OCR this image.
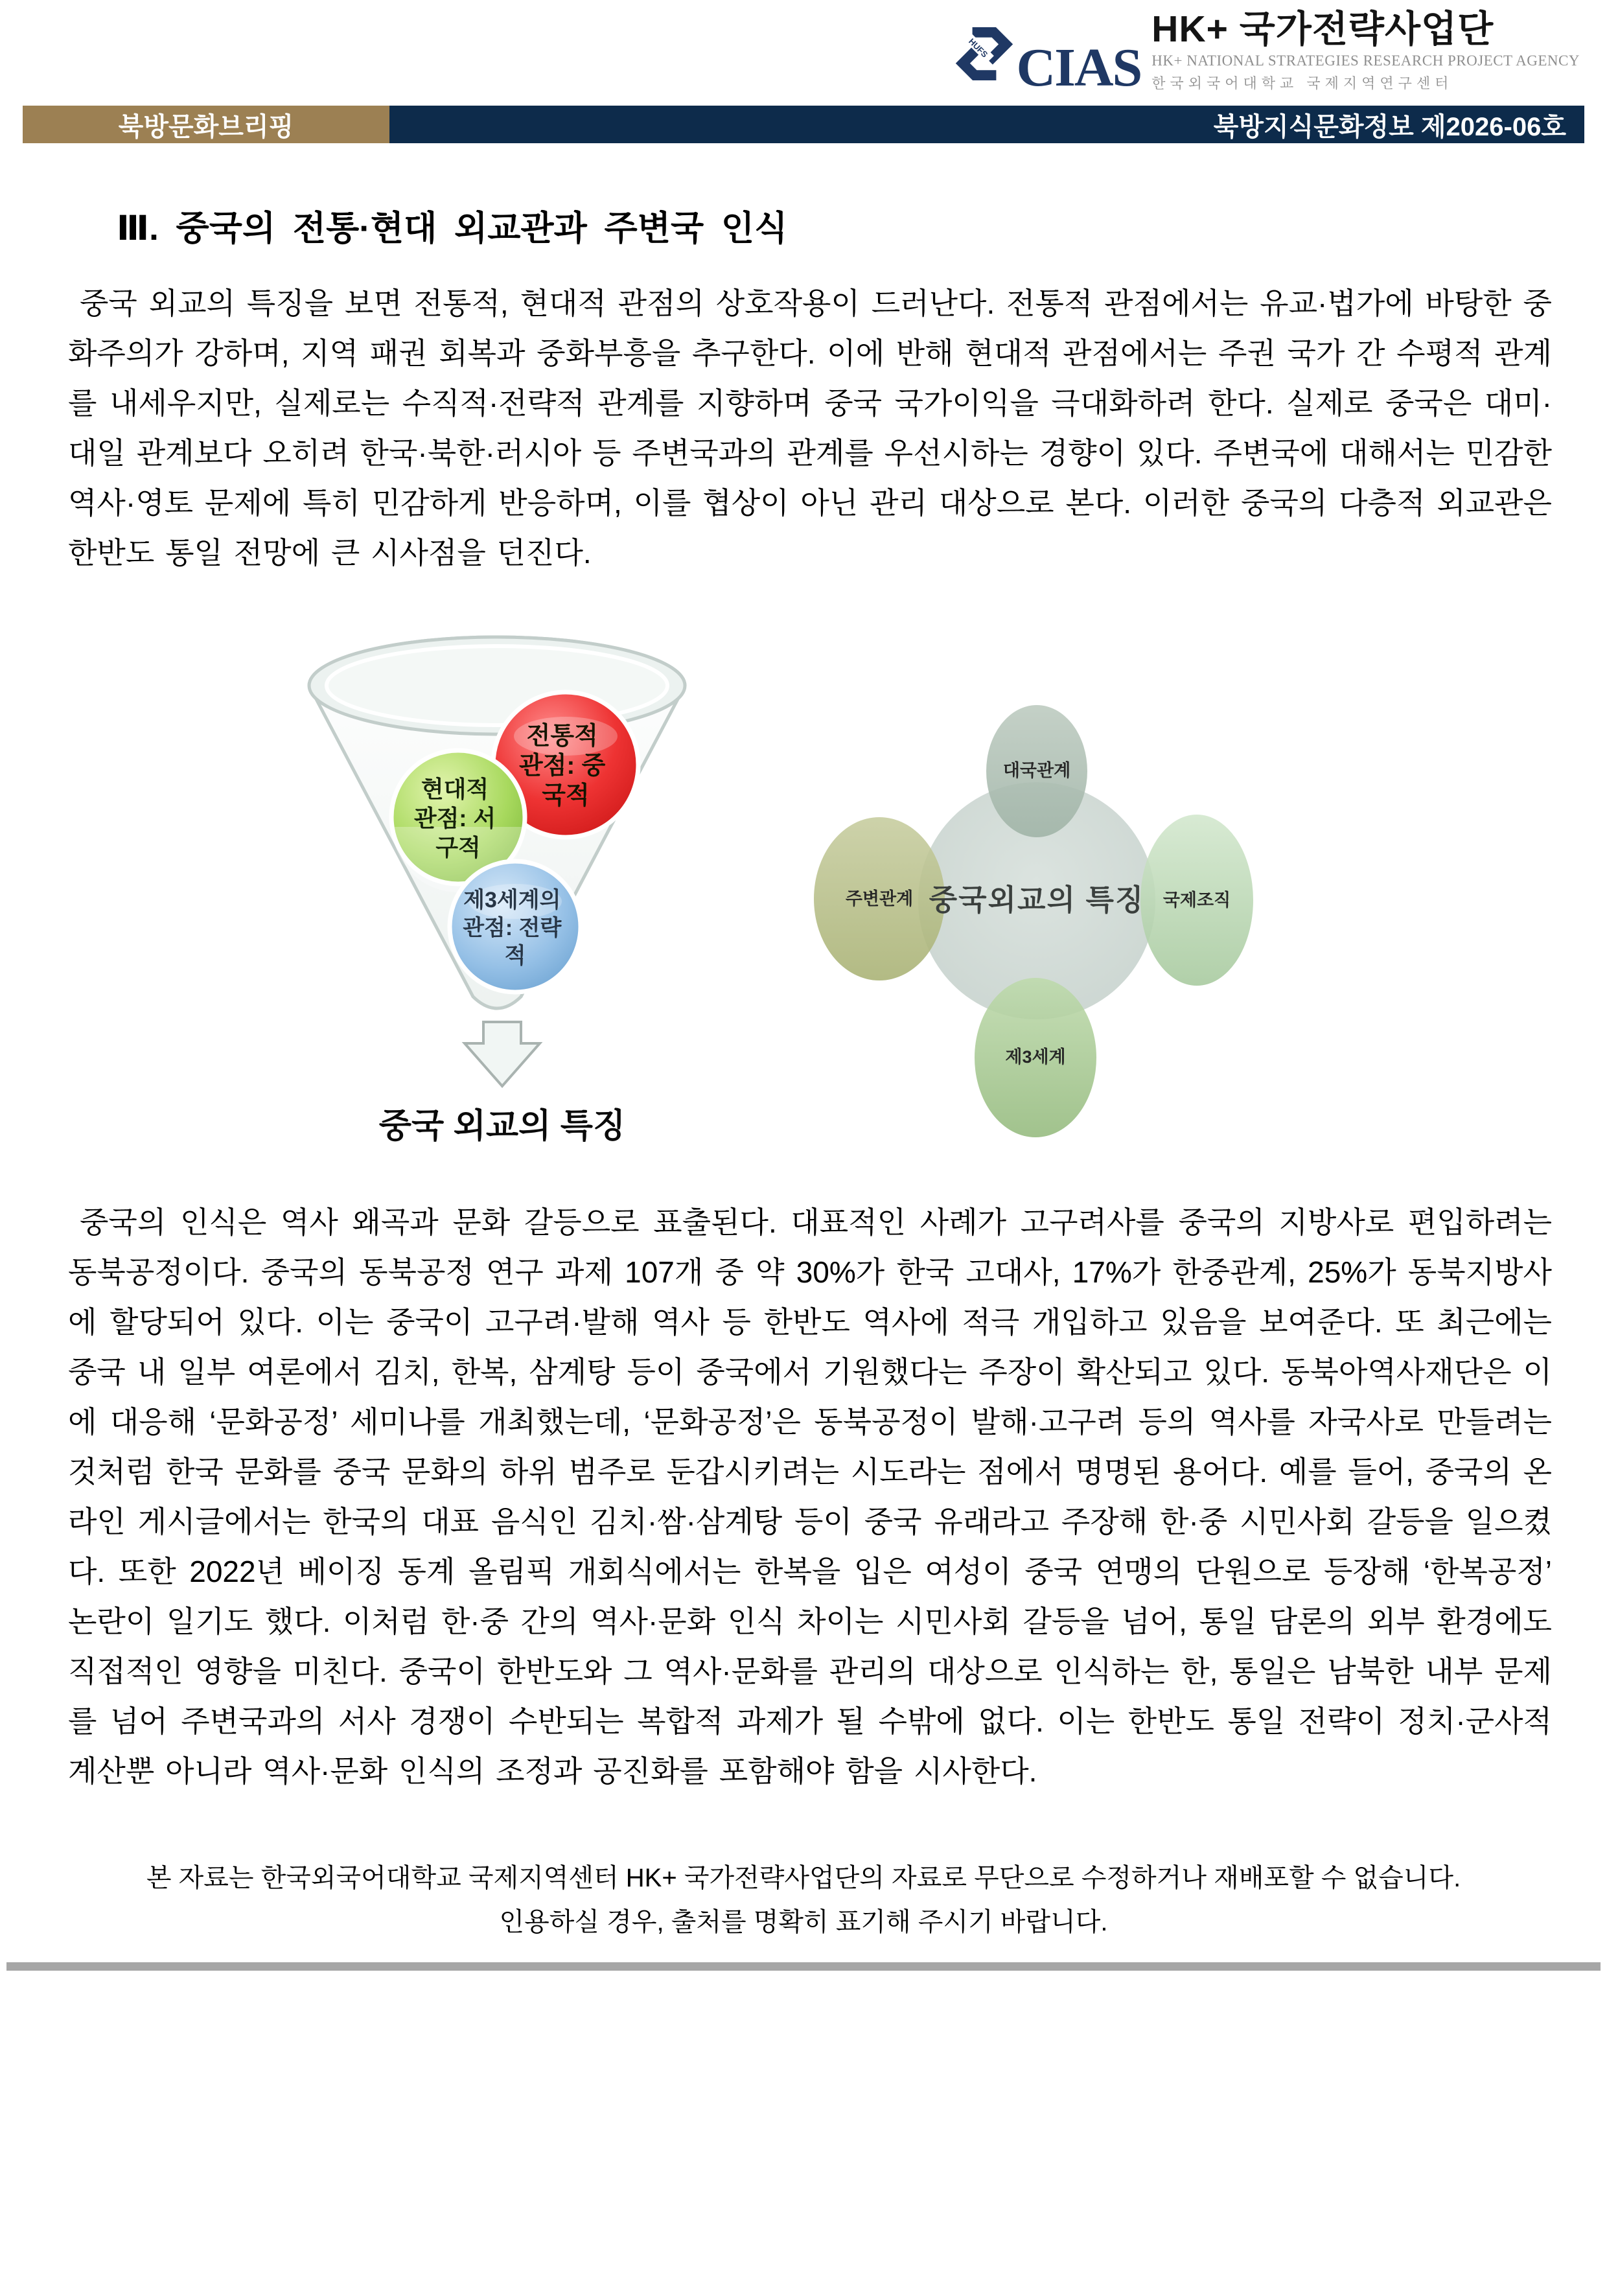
HUFS CIAS
HK+ 국가전략사업단
HK+ NATIONAL STRATEGIES RESEARCH PROJECT AGENCY
한국외국어대학교 국제지역연구센터
북방문화브리핑	북방지식문화정보 제2026-06호
Ⅲ. 중국의 전통·현대 외교관과 주변국 인식
중국 외교의 특징을 보면 전통적, 현대적 관점의 상호작용이 드러난다. 전통적 관점에서는 유교·법가에 바탕한 중화주의가 강하며, 지역 패권 회복과 중화부흥을 추구한다. 이에 반해 현대적 관점에서는 주권 국가 간 수평적 관계를 내세우지만, 실제로는 수직적·전략적 관계를 지향하며 중국 국가이익을 극대화하려 한다. 실제로 중국은 대미·대일 관계보다 오히려 한국·북한·러시아 등 주변국과의 관계를 우선시하는 경향이 있다. 주변국에 대해서는 민감한 역사·영토 문제에 특히 민감하게 반응하며, 이를 협상이 아닌 관리 대상으로 본다. 이러한 중국의 다층적 외교관은 한반도 통일 전망에 큰 시사점을 던진다.
전통적 관점: 중 국적
현대적 관점: 서 구적
제3세계의 관점: 전략 적
중국 외교의 특징
중국외교의 특징
대국관계
주변관계	국제조직
제3세계
중국의 인식은 역사 왜곡과 문화 갈등으로 표출된다. 대표적인 사례가 고구려사를 중국의 지방사로 편입하려는 동북공정이다. 중국의 동북공정 연구 과제 107개 중 약 30%가 한국 고대사, 17%가 한중관계, 25%가 동북지방사에 할당되어 있다. 이는 중국이 고구려·발해 역사 등 한반도 역사에 적극 개입하고 있음을 보여준다. 또 최근에는 중국 내 일부 여론에서 김치, 한복, 삼계탕 등이 중국에서 기원했다는 주장이 확산되고 있다. 동북아역사재단은 이에 대응해 ‘문화공정’ 세미나를 개최했는데, ‘문화공정’은 동북공정이 발해·고구려 등의 역사를 자국사로 만들려는 것처럼 한국 문화를 중국 문화의 하위 범주로 둔갑시키려는 시도라는 점에서 명명된 용어다. 예를 들어, 중국의 온라인 게시글에서는 한국의 대표 음식인 김치·쌈·삼계탕 등이 중국 유래라고 주장해 한·중 시민사회 갈등을 일으켰다. 또한 2022년 베이징 동계 올림픽 개회식에서는 한복을 입은 여성이 중국 연맹의 단원으로 등장해 ‘한복공정’ 논란이 일기도 했다. 이처럼 한·중 간의 역사·문화 인식 차이는 시민사회 갈등을 넘어, 통일 담론의 외부 환경에도 직접적인 영향을 미친다. 중국이 한반도와 그 역사·문화를 관리의 대상으로 인식하는 한, 통일은 남북한 내부 문제를 넘어 주변국과의 서사 경쟁이 수반되는 복합적 과제가 될 수밖에 없다. 이는 한반도 통일 전략이 정치·군사적 계산뿐 아니라 역사·문화 인식의 조정과 공진화를 포함해야 함을 시사한다.
본 자료는 한국외국어대학교 국제지역센터 HK+ 국가전략사업단의 자료로 무단으로 수정하거나 재배포할 수 없습니다.
인용하실 경우, 출처를 명확히 표기해 주시기 바랍니다.
